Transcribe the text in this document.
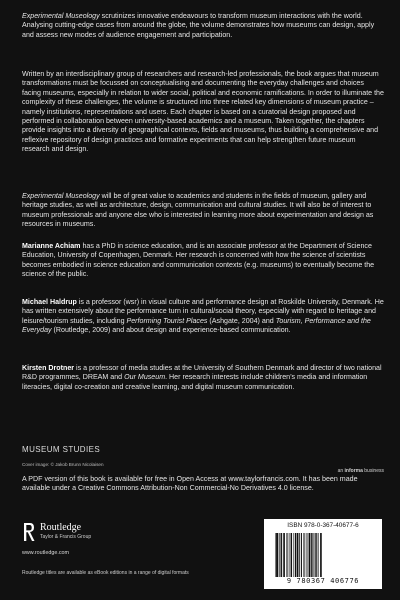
Experimental Museology scrutinizes innovative endeavours to transform museum interactions with the world. Analysing cutting-edge cases from around the globe, the volume demonstrates how museums can design, apply and assess new modes of audience engagement and participation.

Written by an interdisciplinary group of researchers and research-led professionals, the book argues that museum transformations must be focussed on conceptualising and documenting the everyday challenges and choices facing museums, especially in relation to wider social, political and economic ramifications. In order to illuminate the complexity of these challenges, the volume is structured into three related key dimensions of museum practice – namely institutions, representations and users. Each chapter is based on a curatorial design proposed and performed in collaboration between university-based academics and a museum. Taken together, the chapters provide insights into a diversity of geographical contexts, fields and museums, thus building a comprehensive and reflexive repository of design practices and formative experiments that can help strengthen future museum research and design.

Experimental Museology will be of great value to academics and students in the fields of museum, gallery and heritage studies, as well as architecture, design, communication and cultural studies. It will also be of interest to museum professionals and anyone else who is interested in learning more about experimentation and design as resources in museums.

Marianne Achiam has a PhD in science education, and is an associate professor at the Department of Science Education, University of Copenhagen, Denmark. Her research is concerned with how the science of scientists becomes embodied in science education and communication contexts (e.g. museums) to eventually become the science of the public.

Michael Haldrup is a professor (wsr) in visual culture and performance design at Roskilde University, Denmark. He has written extensively about the performance turn in cultural/social theory, especially with regard to heritage and leisure/tourism studies, including Performing Tourist Places (Ashgate, 2004) and Tourism, Performance and the Everyday (Routledge, 2009) and about design and experience-based communication.

Kirsten Drotner is a professor of media studies at the University of Southern Denmark and director of two national R&D programmes, DREAM and Our Museum. Her research interests include children’s media and information literacies, digital co-creation and creative learning, and digital museum communication.

MUSEUM STUDIES
Cover image: © Jakob Brunn Nicolaisen
an informa business
A PDF version of this book is available for free in Open Access at www.taylorfrancis.com. It has been made available under a Creative Commons Attribution-Non Commercial-No Derivatives 4.0 license.
Routledge
Taylor & Francis Group
www.routledge.com
Routledge titles are available as eBook editions in a range of digital formats
ISBN 978-0-367-40677-6
9 780367 406776
